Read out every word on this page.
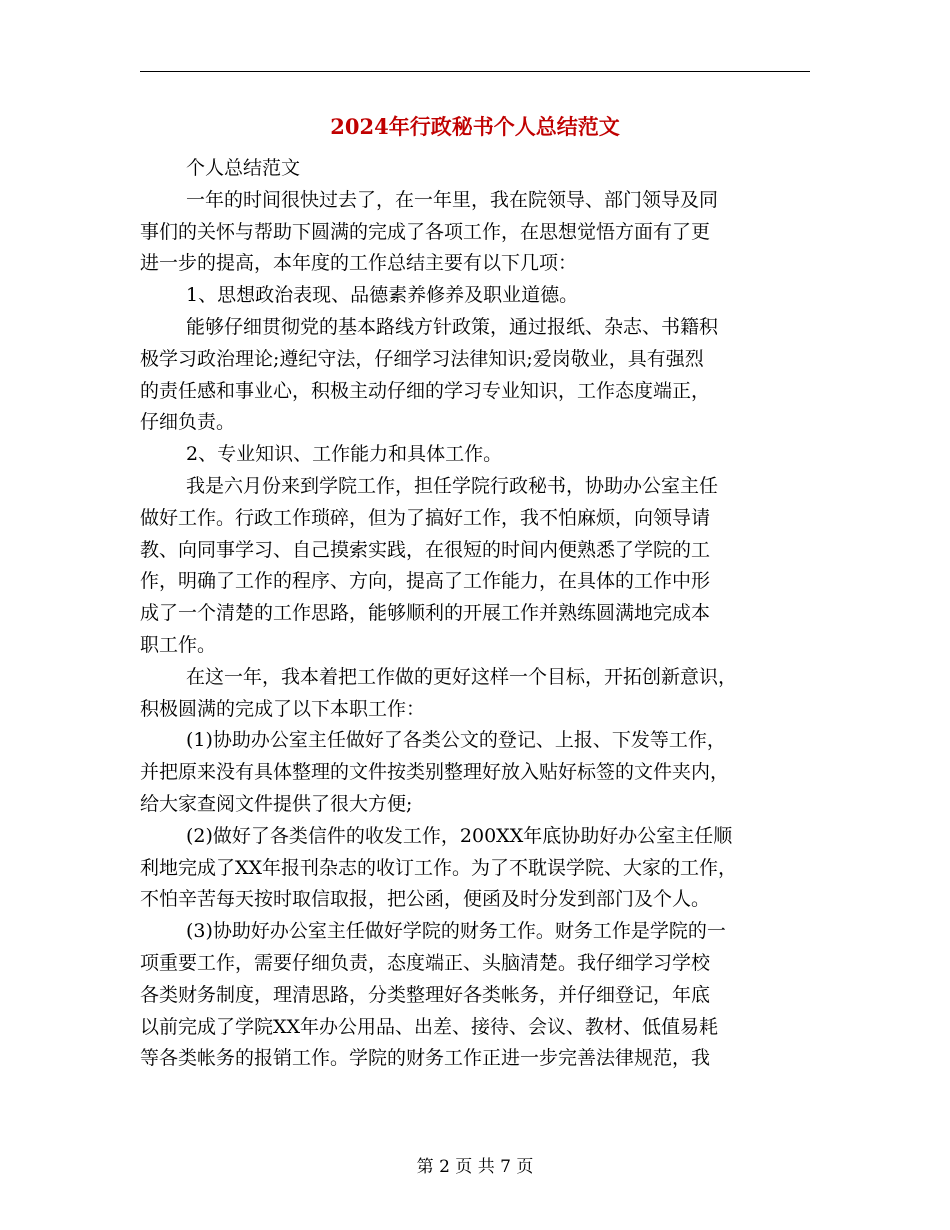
2024年行政秘书个人总结范文
个人总结范文
一年的时间很快过去了，在一年里，我在院领导、部门领导及同
事们的关怀与帮助下圆满的完成了各项工作，在思想觉悟方面有了更
进一步的提高，本年度的工作总结主要有以下几项：
1、思想政治表现、品德素养修养及职业道德。
能够仔细贯彻党的基本路线方针政策，通过报纸、杂志、书籍积
极学习政治理论;遵纪守法，仔细学习法律知识;爱岗敬业，具有强烈
的责任感和事业心，积极主动仔细的学习专业知识，工作态度端正，
仔细负责。
2、专业知识、工作能力和具体工作。
我是六月份来到学院工作，担任学院行政秘书，协助办公室主任
做好工作。行政工作琐碎，但为了搞好工作，我不怕麻烦，向领导请
教、向同事学习、自己摸索实践，在很短的时间内便熟悉了学院的工
作，明确了工作的程序、方向，提高了工作能力，在具体的工作中形
成了一个清楚的工作思路，能够顺利的开展工作并熟练圆满地完成本
职工作。
在这一年，我本着把工作做的更好这样一个目标，开拓创新意识，
积极圆满的完成了以下本职工作：
(1)协助办公室主任做好了各类公文的登记、上报、下发等工作，
并把原来没有具体整理的文件按类别整理好放入贴好标签的文件夹内，
给大家查阅文件提供了很大方便;
(2)做好了各类信件的收发工作，200XX年底协助好办公室主任顺
利地完成了XX年报刊杂志的收订工作。为了不耽误学院、大家的工作，
不怕辛苦每天按时取信取报，把公函，便函及时分发到部门及个人。
(3)协助好办公室主任做好学院的财务工作。财务工作是学院的一
项重要工作，需要仔细负责，态度端正、头脑清楚。我仔细学习学校
各类财务制度，理清思路，分类整理好各类帐务，并仔细登记，年底
以前完成了学院XX年办公用品、出差、接待、会议、教材、低值易耗
等各类帐务的报销工作。学院的财务工作正进一步完善法律规范，我
第 2 页 共 7 页
